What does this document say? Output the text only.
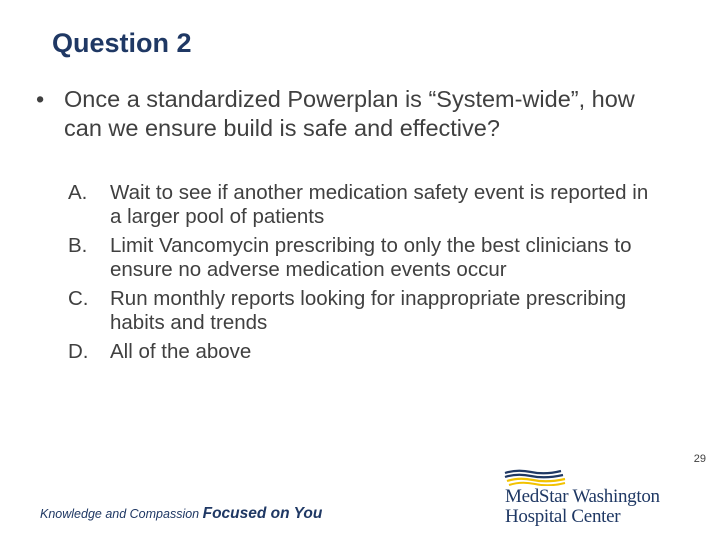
Question 2
• Once a standardized Powerplan is “System-wide”, how can we ensure build is safe and effective?
A. Wait to see if another medication safety event is reported in a larger pool of patients
B. Limit Vancomycin prescribing to only the best clinicians to ensure no adverse medication events occur
C. Run monthly reports looking for inappropriate prescribing habits and trends
D. All of the above
29
Knowledge and Compassion Focused on You
MedStar Washington
Hospital Center
